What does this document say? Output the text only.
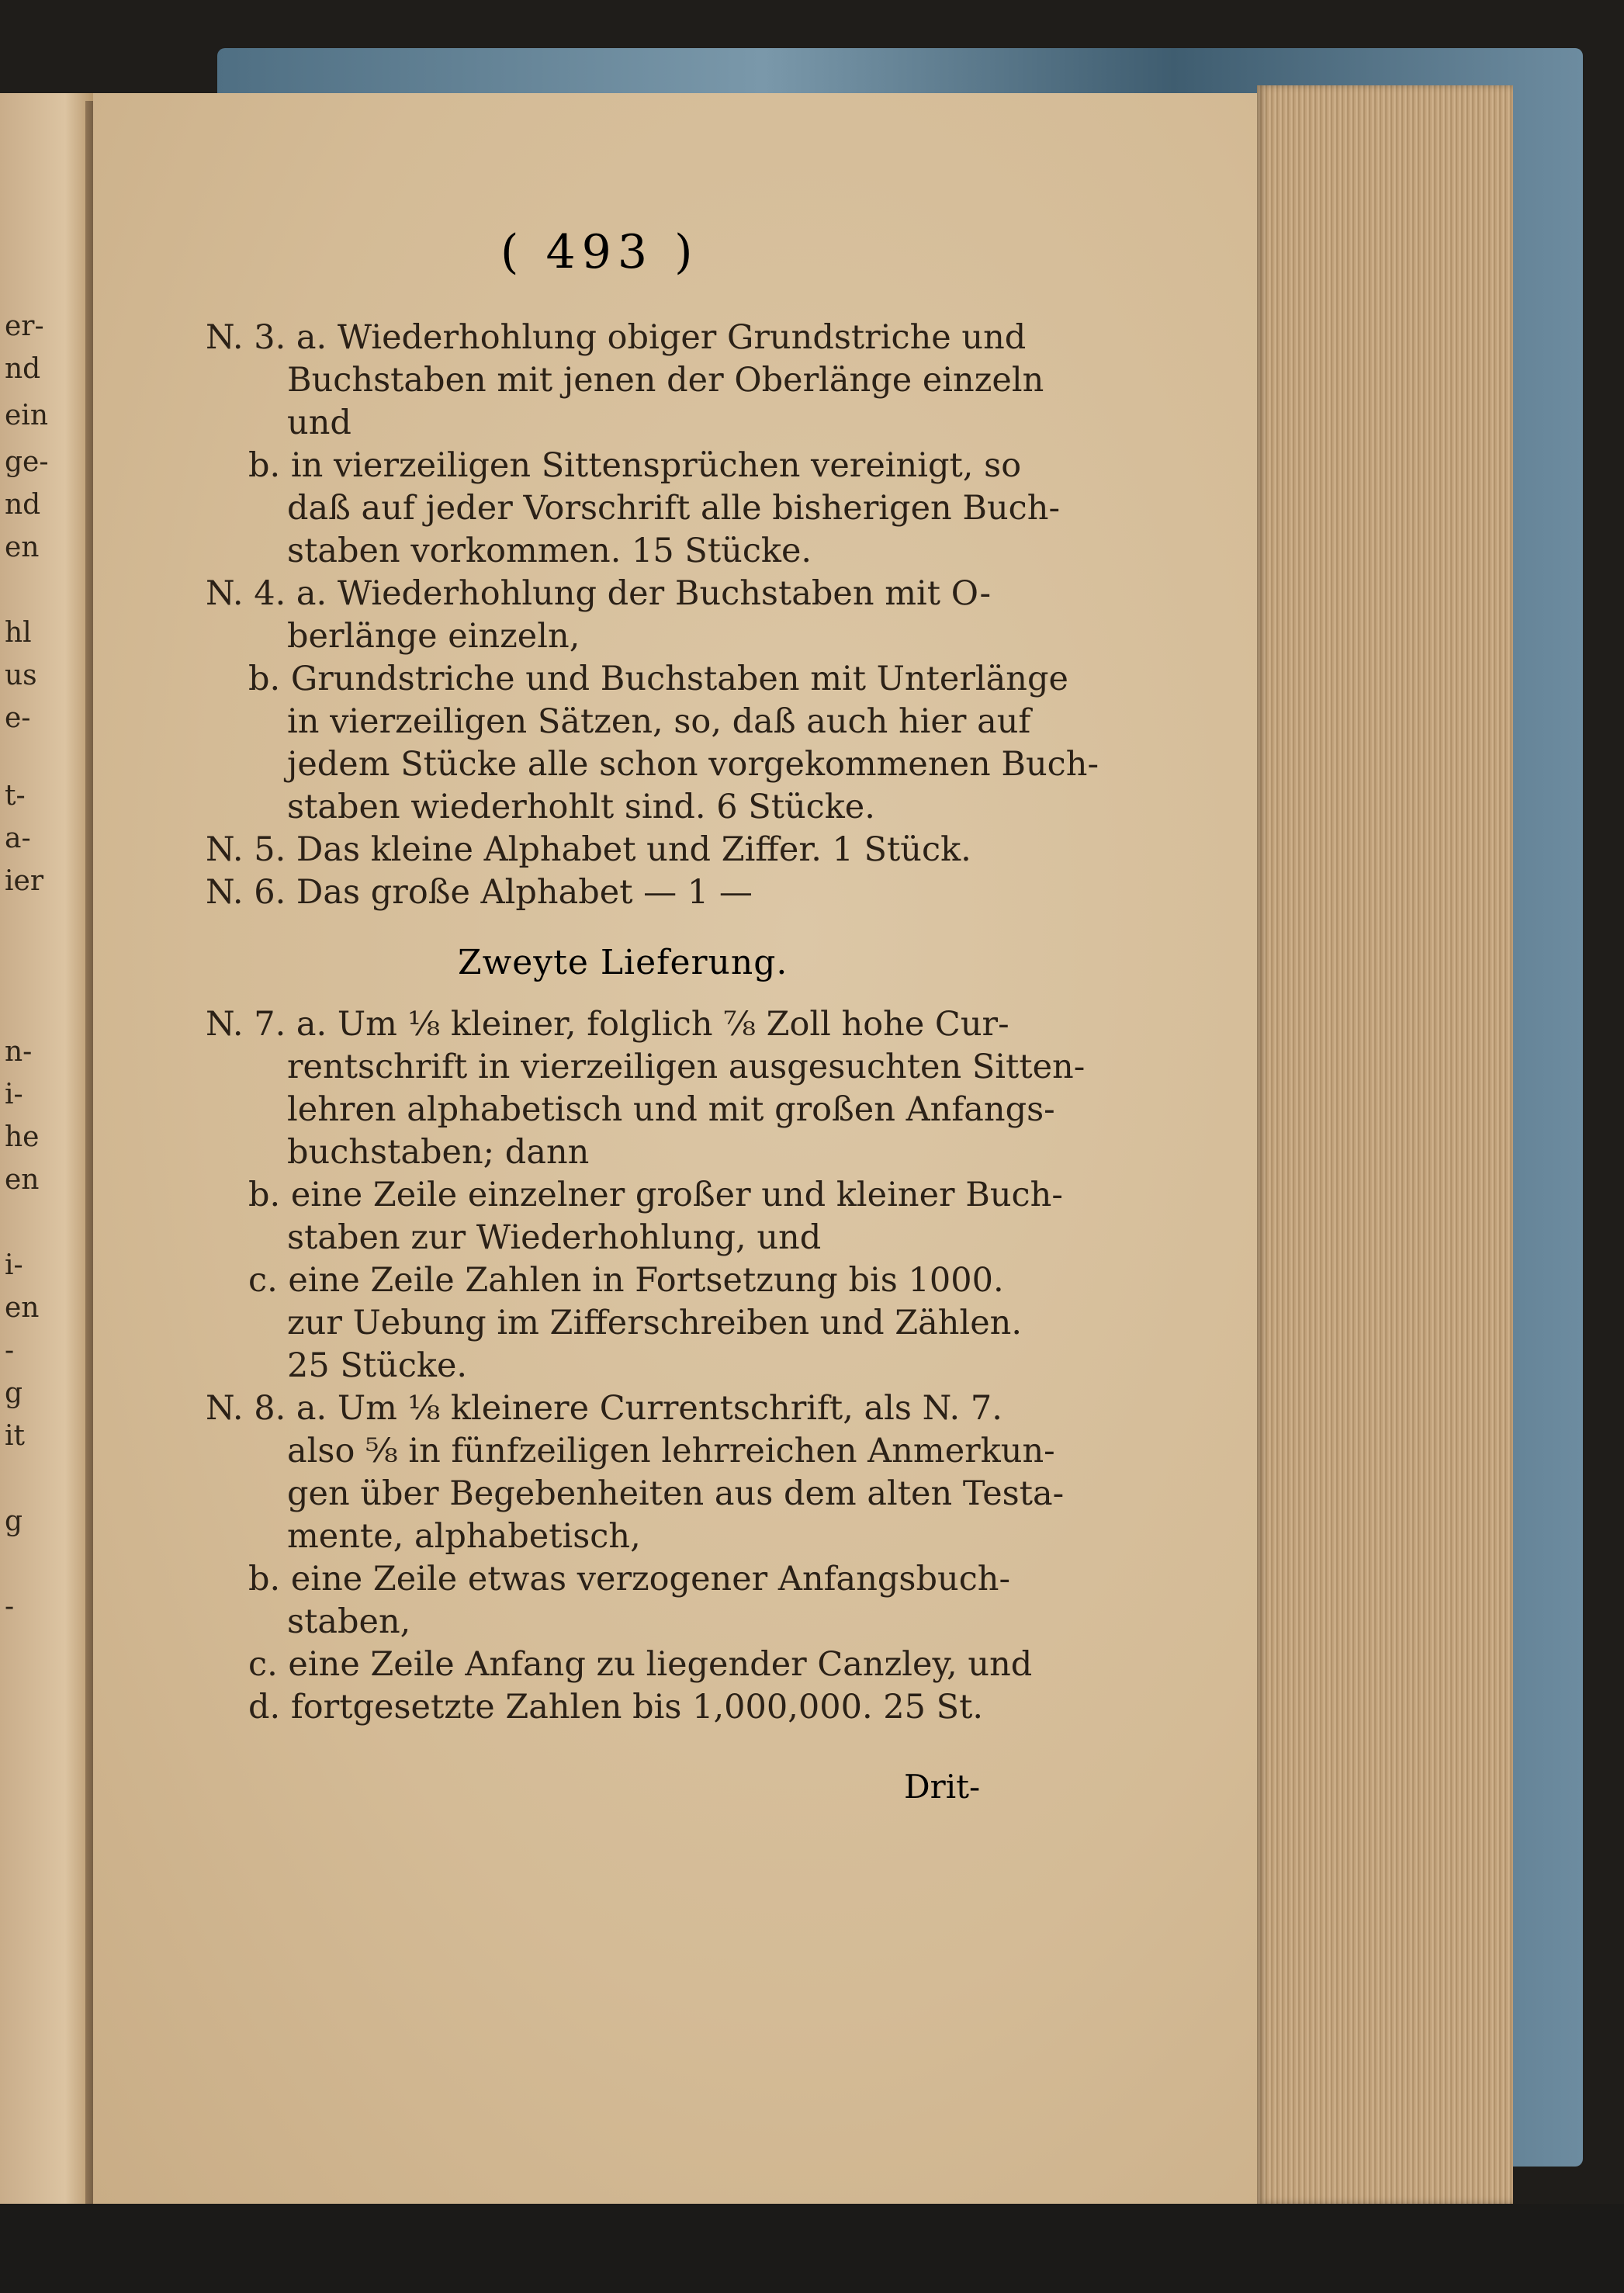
er-
nd
ein
ge-
nd
en
hl
us
e-
t-
a-
ier
n-
i-
he
en
i-
en
-
g
it
g
-
( 493 )
N. 3. a. Wiederhohlung obiger Grundstriche und
Buchstaben mit jenen der Oberlänge einzeln
und
b. in vierzeiligen Sittensprüchen vereinigt, so
daß auf jeder Vorschrift alle bisherigen Buch-
staben vorkommen. 15 Stücke.
N. 4. a. Wiederhohlung der Buchstaben mit O-
berlänge einzeln,
b. Grundstriche und Buchstaben mit Unterlänge
in vierzeiligen Sätzen, so, daß auch hier auf
jedem Stücke alle schon vorgekommenen Buch-
staben wiederhohlt sind. 6 Stücke.
N. 5. Das kleine Alphabet und Ziffer. 1 Stück.
N. 6. Das große Alphabet — 1 —
N. 7. a. Um ⅛ kleiner, folglich ⅞ Zoll hohe Cur-
rentschrift in vierzeiligen ausgesuchten Sitten-
lehren alphabetisch und mit großen Anfangs-
buchstaben; dann
b. eine Zeile einzelner großer und kleiner Buch-
staben zur Wiederhohlung, und
c. eine Zeile Zahlen in Fortsetzung bis 1000.
zur Uebung im Zifferschreiben und Zählen.
25 Stücke.
N. 8. a. Um ⅛ kleinere Currentschrift, als N. 7.
also ⅝ in fünfzeiligen lehrreichen Anmerkun-
gen über Begebenheiten aus dem alten Testa-
mente, alphabetisch,
b. eine Zeile etwas verzogener Anfangsbuch-
staben,
c. eine Zeile Anfang zu liegender Canzley, und
d. fortgesetzte Zahlen bis 1,000,000. 25 St.
Zweyte Lieferung.
Drit-
